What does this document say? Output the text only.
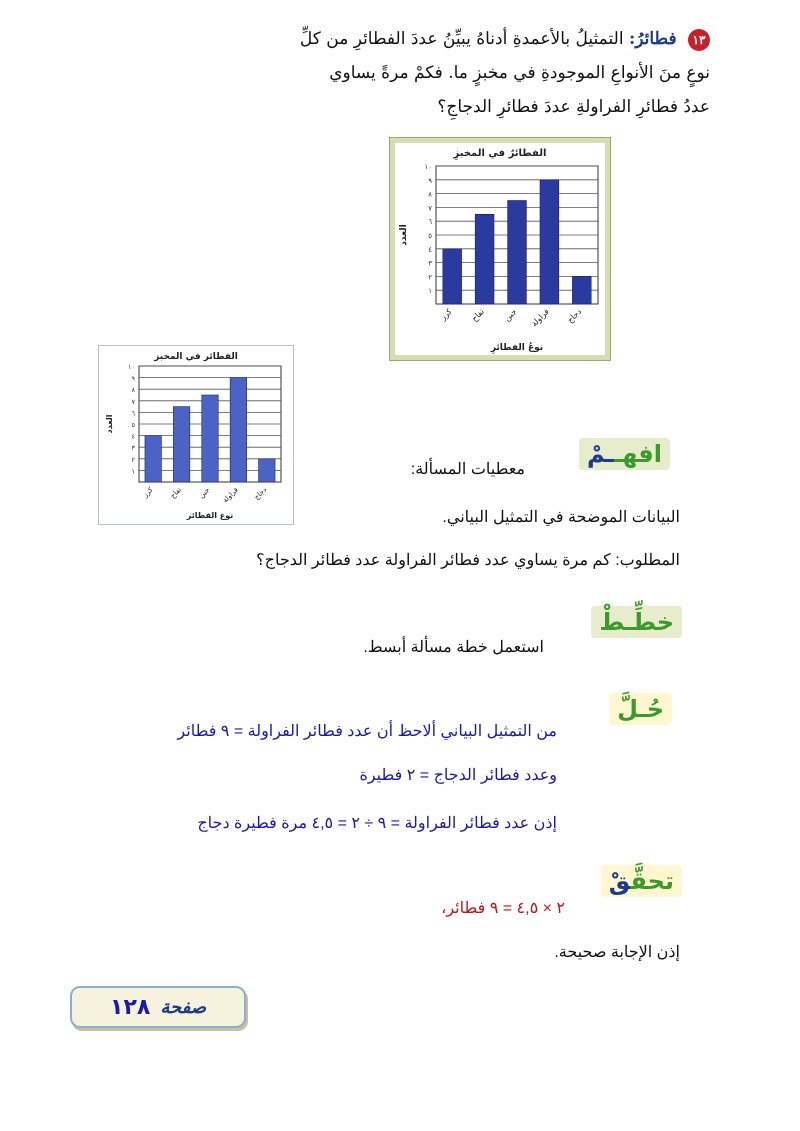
١٣ فطائرُ: التمثيلُ بالأعمدةِ أدناهُ يبيِّنُ عددَ الفطائرِ من كلِّ
نوعٍ منَ الأنواعِ الموجودةِ في مخبزٍ ما. فكمْ مرةً يساوي
عددُ فطائرِ الفراولةِ عددَ فطائرِ الدجاجِ؟
الفطائرُ في المخبزِ
١
٢
٣
٤
٥
٦
٧
٨
٩
١٠
كرز تفاح جبن فراولة دجاج
العدد
نوعُ الفطائرِ
الفطائر في المخبز
١
٢
٣
٤
٥
٦
٧
٨
٩
١٠
كرز تفاح جبن فراولة دجاج
العدد
نوع الفطائر
افهــمْ
معطيات المسألة:
البيانات الموضحة في التمثيل البياني.
المطلوب: كم مرة يساوي عدد فطائر الفراولة عدد فطائر الدجاج؟
خطِّـطْ
استعمل خطة مسألة أبسط.
حُـلَّ
من التمثيل البياني ألاحظ أن عدد فطائر الفراولة = ٩ فطائر
وعدد فطائر الدجاج = ٢ فطيرة
إذن عدد فطائر الفراولة = ٩ ÷ ٢ = ٤,٥ مرة فطيرة دجاج
تحقَّقْ
٢ × ٤,٥ = ٩ فطائر،
إذن الإجابة صحيحة.
صفحة
١٢٨
